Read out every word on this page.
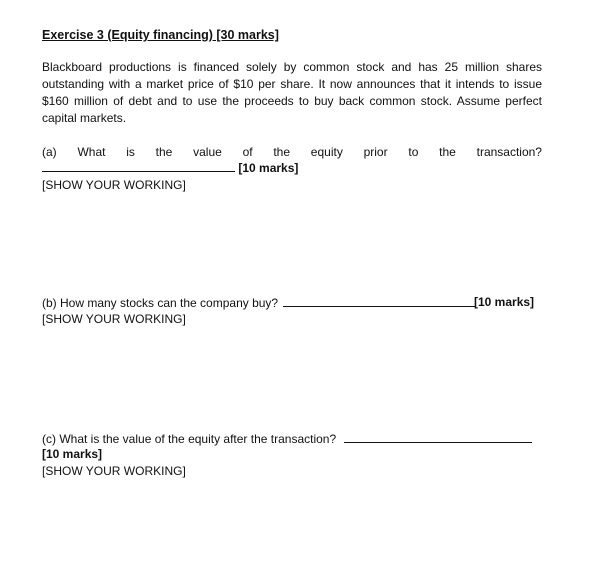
Exercise 3 (Equity financing) [30 marks]
Blackboard productions is financed solely by common stock and has 25 million shares outstanding with a market price of $10 per share. It now announces that it intends to issue $160 million of debt and to use the proceeds to buy back common stock. Assume perfect capital markets.
(a) What is the value of the equity prior to the transaction?
[10 marks]
[SHOW YOUR WORKING]
(b) How many stocks can the company buy?	[10 marks]
[SHOW YOUR WORKING]
(c) What is the value of the equity after the transaction?
[10 marks]
[SHOW YOUR WORKING]
